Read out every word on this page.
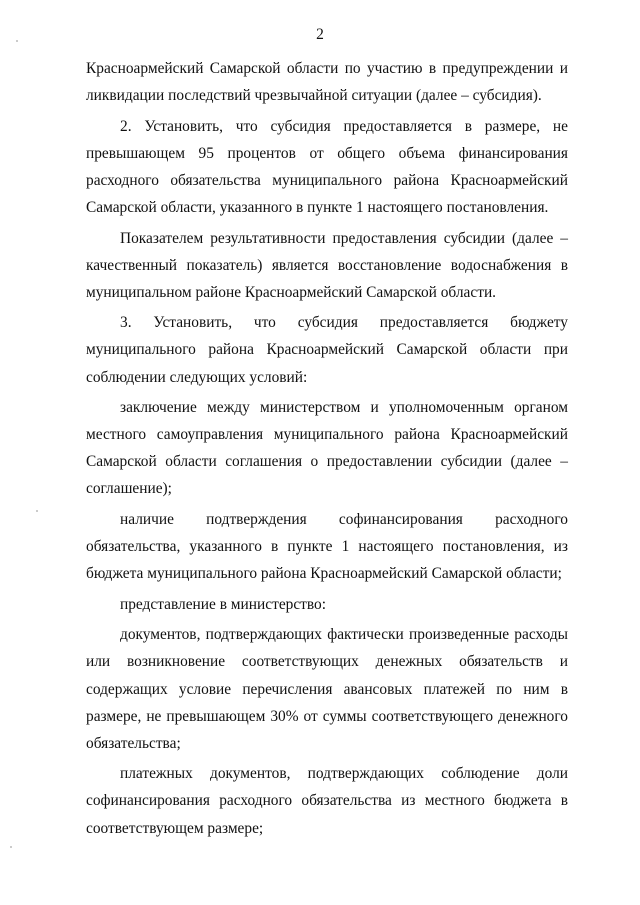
2

Красноармейский Самарской области по участию в предупреждении и ликвидации последствий чрезвычайной ситуации (далее – субсидия).

2. Установить, что субсидия предоставляется в размере, не превышающем 95 процентов от общего объема финансирования расходного обязательства муниципального района Красноармейский Самарской области, указанного в пункте 1 настоящего постановления.

Показателем результативности предоставления субсидии (далее – качественный показатель) является восстановление водоснабжения в муниципальном районе Красноармейский Самарской области.

3. Установить, что субсидия предоставляется бюджету муниципального района Красноармейский Самарской области при соблюдении следующих условий:

заключение между министерством и уполномоченным органом местного самоуправления муниципального района Красноармейский Самарской области соглашения о предоставлении субсидии (далее – соглашение);

наличие подтверждения софинансирования расходного обязательства, указанного в пункте 1 настоящего постановления, из бюджета муниципального района Красноармейский Самарской области;

представление в министерство:

документов, подтверждающих фактически произведенные расходы или возникновение соответствующих денежных обязательств и содержащих условие перечисления авансовых платежей по ним в размере, не превышающем 30% от суммы соответствующего денежного обязательства;

платежных документов, подтверждающих соблюдение доли софинансирования расходного обязательства из местного бюджета в соответствующем размере;
